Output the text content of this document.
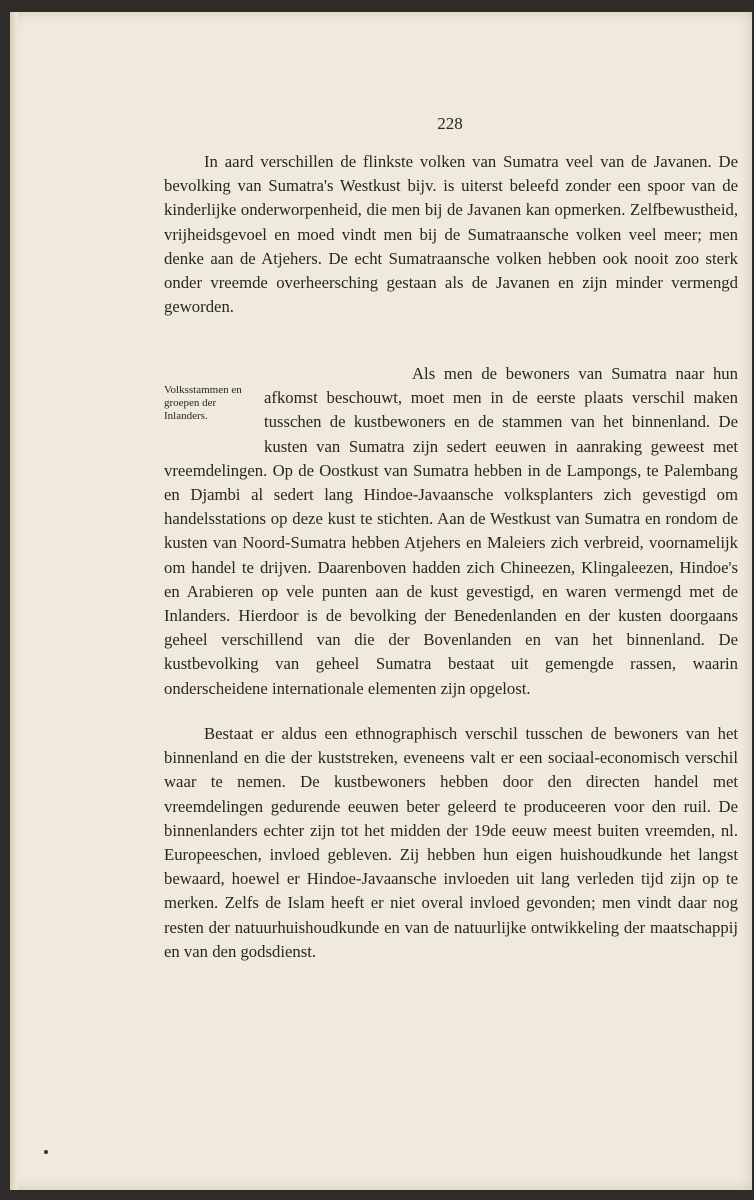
228

In aard verschillen de flinkste volken van Sumatra veel van de Javanen. De bevolking van Sumatra's Westkust bijv. is uiterst beleefd zonder een spoor van de kinderlijke onderworpenheid, die men bij de Javanen kan opmerken. Zelfbewustheid, vrijheidsgevoel en moed vindt men bij de Sumatraansche volken veel meer; men denke aan de Atjehers. De echt Sumatraansche volken hebben ook nooit zoo sterk onder vreemde overheersching gestaan als de Javanen en zijn minder vermengd geworden.

Volksstammen en groepen der Inlanders.
Als men de bewoners van Sumatra naar hun afkomst beschouwt, moet men in de eerste plaats verschil maken tusschen de kustbewoners en de stammen van het binnenland. De kusten van Sumatra zijn sedert eeuwen in aanraking geweest met vreemdelingen. Op de Oostkust van Sumatra hebben in de Lampongs, te Palembang en Djambi al sedert lang Hindoe-Javaansche volksplanters zich gevestigd om handelsstations op deze kust te stichten. Aan de Westkust van Sumatra en rondom de kusten van Noord-Sumatra hebben Atjehers en Maleiers zich verbreid, voornamelijk om handel te drijven. Daarenboven hadden zich Chineezen, Klingaleezen, Hindoe's en Arabieren op vele punten aan de kust gevestigd, en waren vermengd met de Inlanders. Hierdoor is de bevolking der Benedenlanden en der kusten doorgaans geheel verschillend van die der Bovenlanden en van het binnenland. De kustbevolking van geheel Sumatra bestaat uit gemengde rassen, waarin onderscheidene internationale elementen zijn opgelost.

Bestaat er aldus een ethnographisch verschil tusschen de bewoners van het binnenland en die der kuststreken, eveneens valt er een sociaal-economisch verschil waar te nemen. De kustbewoners hebben door den directen handel met vreemdelingen gedurende eeuwen beter geleerd te produceeren voor den ruil. De binnenlanders echter zijn tot het midden der 19de eeuw meest buiten vreemden, nl. Europeeschen, invloed gebleven. Zij hebben hun eigen huishoudkunde het langst bewaard, hoewel er Hindoe-Javaansche invloeden uit lang verleden tijd zijn op te merken. Zelfs de Islam heeft er niet overal invloed gevonden; men vindt daar nog resten der natuurhuishoudkunde en van de natuurlijke ontwikkeling der maatschappij en van den godsdienst.
